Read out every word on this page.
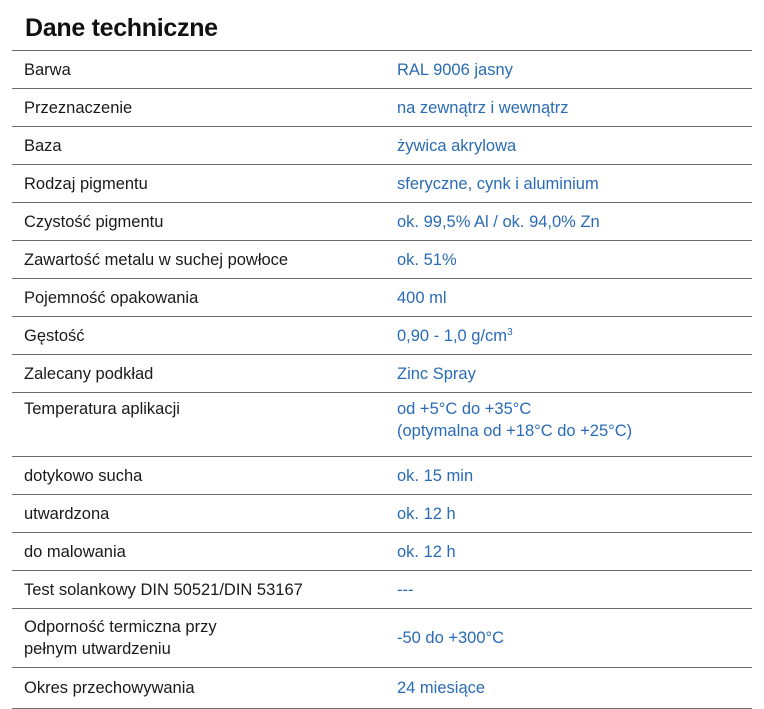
Dane techniczne
Barwa	RAL 9006 jasny
Przeznaczenie	na zewnątrz i wewnątrz
Baza	żywica akrylowa
Rodzaj pigmentu	sferyczne, cynk i aluminium
Czystość pigmentu	ok. 99,5% Al / ok. 94,0% Zn
Zawartość metalu w suchej powłoce	ok. 51%
Pojemność opakowania	400 ml
Gęstość	0,90 - 1,0 $g/cm^3$
Zalecany podkład	Zinc Spray
Temperatura aplikacji	od +5°C do +35°C
(optymalna od +18°C do +25°C)

dotykowo sucha	ok. 15 min
utwardzona	ok. 12 h
do malowania	ok. 12 h
Test solankowy DIN 50521/DIN 53167	---

Odporność termiczna przy
pełnym utwardzeniu	-50 do +300°C
Okres przechowywania	24 miesiące
